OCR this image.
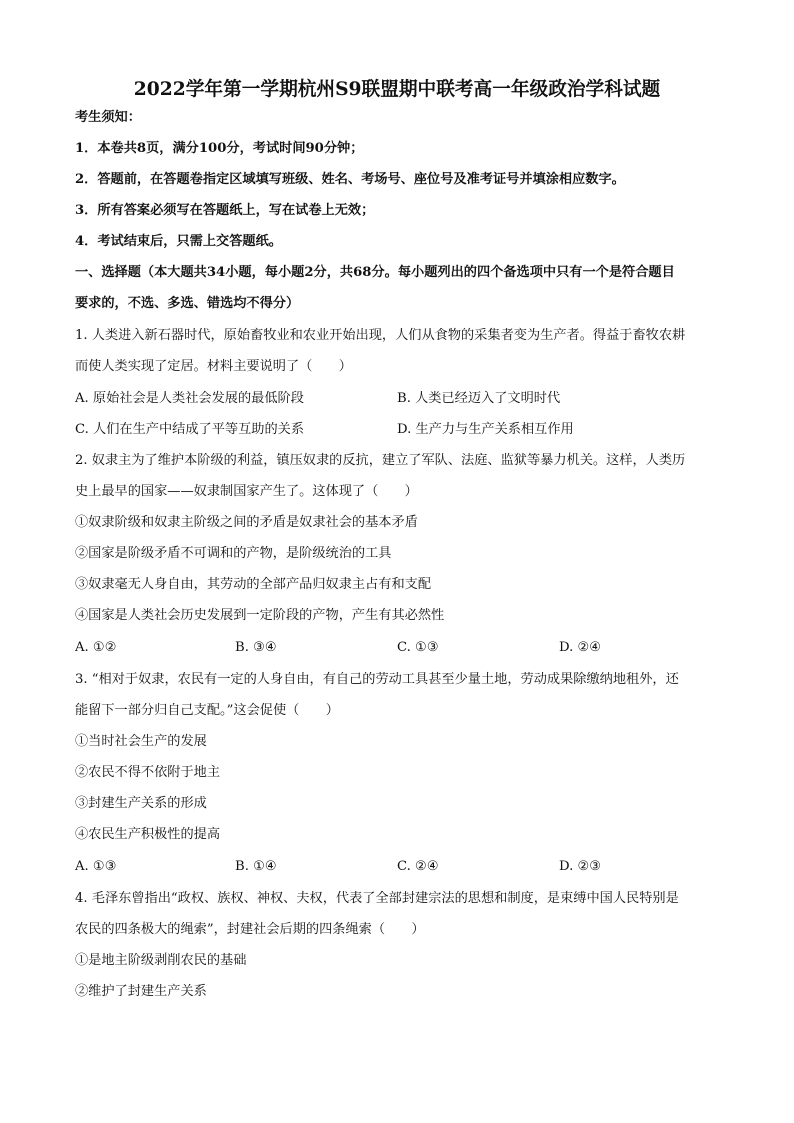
2022学年第一学期杭州S9联盟期中联考高一年级政治学科试题
考生须知：
1．本卷共8页，满分100分，考试时间90分钟；
2．答题前，在答题卷指定区域填写班级、姓名、考场号、座位号及准考证号并填涂相应数字。
3．所有答案必须写在答题纸上，写在试卷上无效；
4．考试结束后，只需上交答题纸。
一、选择题（本大题共34小题，每小题2分，共68分。每小题列出的四个备选项中只有一个是符合题目
要求的，不选、多选、错选均不得分）
1. 人类进入新石器时代，原始畜牧业和农业开始出现，人们从食物的采集者变为生产者。得益于畜牧农耕
而使人类实现了定居。材料主要说明了（　　）
A. 原始社会是人类社会发展的最低阶段	B. 人类已经迈入了文明时代
C. 人们在生产中结成了平等互助的关系	D. 生产力与生产关系相互作用
2. 奴隶主为了维护本阶级的利益，镇压奴隶的反抗，建立了军队、法庭、监狱等暴力机关。这样，人类历
史上最早的国家——奴隶制国家产生了。这体现了（　　）
①奴隶阶级和奴隶主阶级之间的矛盾是奴隶社会的基本矛盾
②国家是阶级矛盾不可调和的产物，是阶级统治的工具
③奴隶毫无人身自由，其劳动的全部产品归奴隶主占有和支配
④国家是人类社会历史发展到一定阶段的产物，产生有其必然性
A. ①②	B. ③④	C. ①③	D. ②④
3. “相对于奴隶，农民有一定的人身自由，有自己的劳动工具甚至少量土地，劳动成果除缴纳地租外，还
能留下一部分归自己支配。”这会促使（　　）
①当时社会生产的发展
②农民不得不依附于地主
③封建生产关系的形成
④农民生产积极性的提高
A. ①③	B. ①④	C. ②④	D. ②③
4. 毛泽东曾指出“政权、族权、神权、夫权，代表了全部封建宗法的思想和制度，是束缚中国人民特别是
农民的四条极大的绳索”，封建社会后期的四条绳索（　　）
①是地主阶级剥削农民的基础
②维护了封建生产关系
